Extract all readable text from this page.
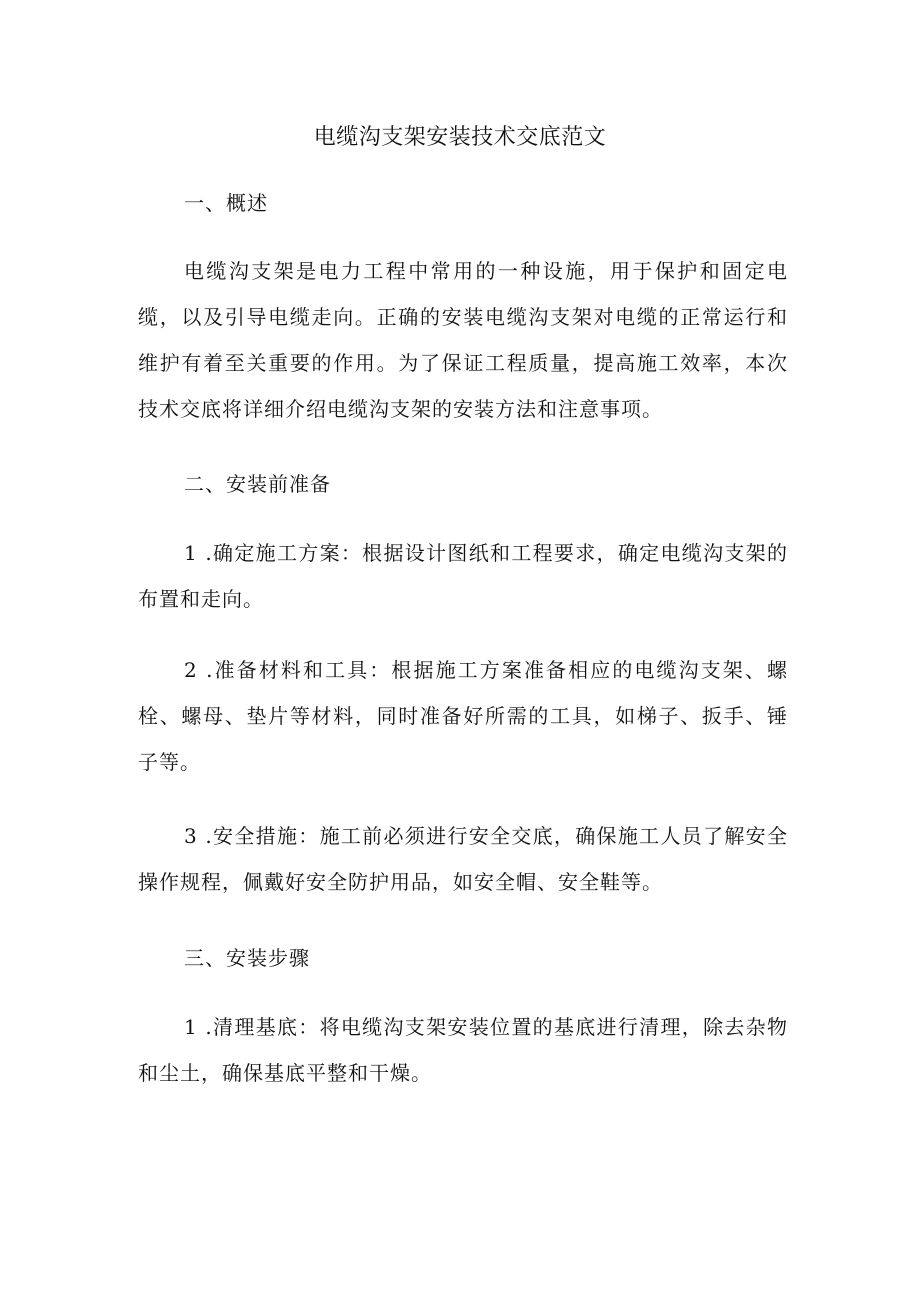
电缆沟支架安装技术交底范文
一、概述

电缆沟支架是电力工程中常用的一种设施，用于保护和固定电缆，以及引导电缆走向。正确的安装电缆沟支架对电缆的正常运行和维护有着至关重要的作用。为了保证工程质量，提高施工效率，本次技术交底将详细介绍电缆沟支架的安装方法和注意事项。

二、安装前准备

1 .确定施工方案：根据设计图纸和工程要求，确定电缆沟支架的布置和走向。

2 .准备材料和工具：根据施工方案准备相应的电缆沟支架、螺栓、螺母、垫片等材料，同时准备好所需的工具，如梯子、扳手、锤子等。

3 .安全措施：施工前必须进行安全交底，确保施工人员了解安全操作规程，佩戴好安全防护用品，如安全帽、安全鞋等。

三、安装步骤

1 .清理基底：将电缆沟支架安装位置的基底进行清理，除去杂物和尘土，确保基底平整和干燥。
